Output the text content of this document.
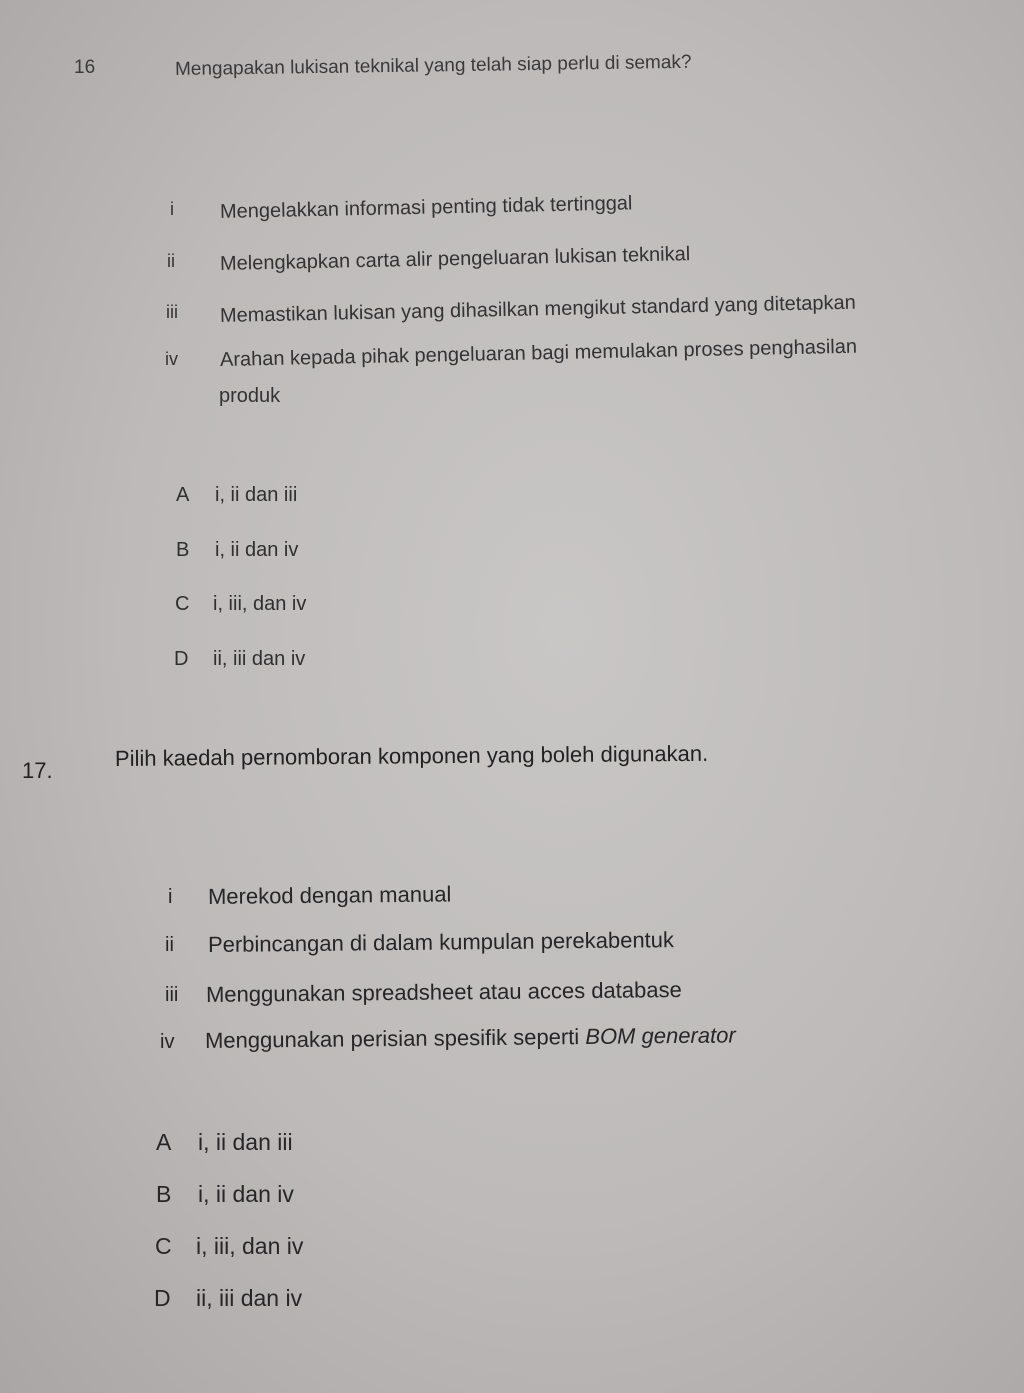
16	Mengapakan lukisan teknikal yang telah siap perlu di semak?
i	Mengelakkan informasi penting tidak tertinggal
ii	Melengkapkan carta alir pengeluaran lukisan teknikal
iii	Memastikan lukisan yang dihasilkan mengikut standard yang ditetapkan
iv	Arahan kepada pihak pengeluaran bagi memulakan proses penghasilan
produk
A	i, ii dan iii
B	i, ii dan iv
C	i, iii, dan iv
D	ii, iii dan iv
17.	Pilih kaedah pernomboran komponen yang boleh digunakan.
i	Merekod dengan manual
ii	Perbincangan di dalam kumpulan perekabentuk
iii	Menggunakan spreadsheet atau acces database
iv	Menggunakan perisian spesifik seperti BOM generator
A	i, ii dan iii
B	i, ii dan iv
C	i, iii, dan iv
D	ii, iii dan iv
